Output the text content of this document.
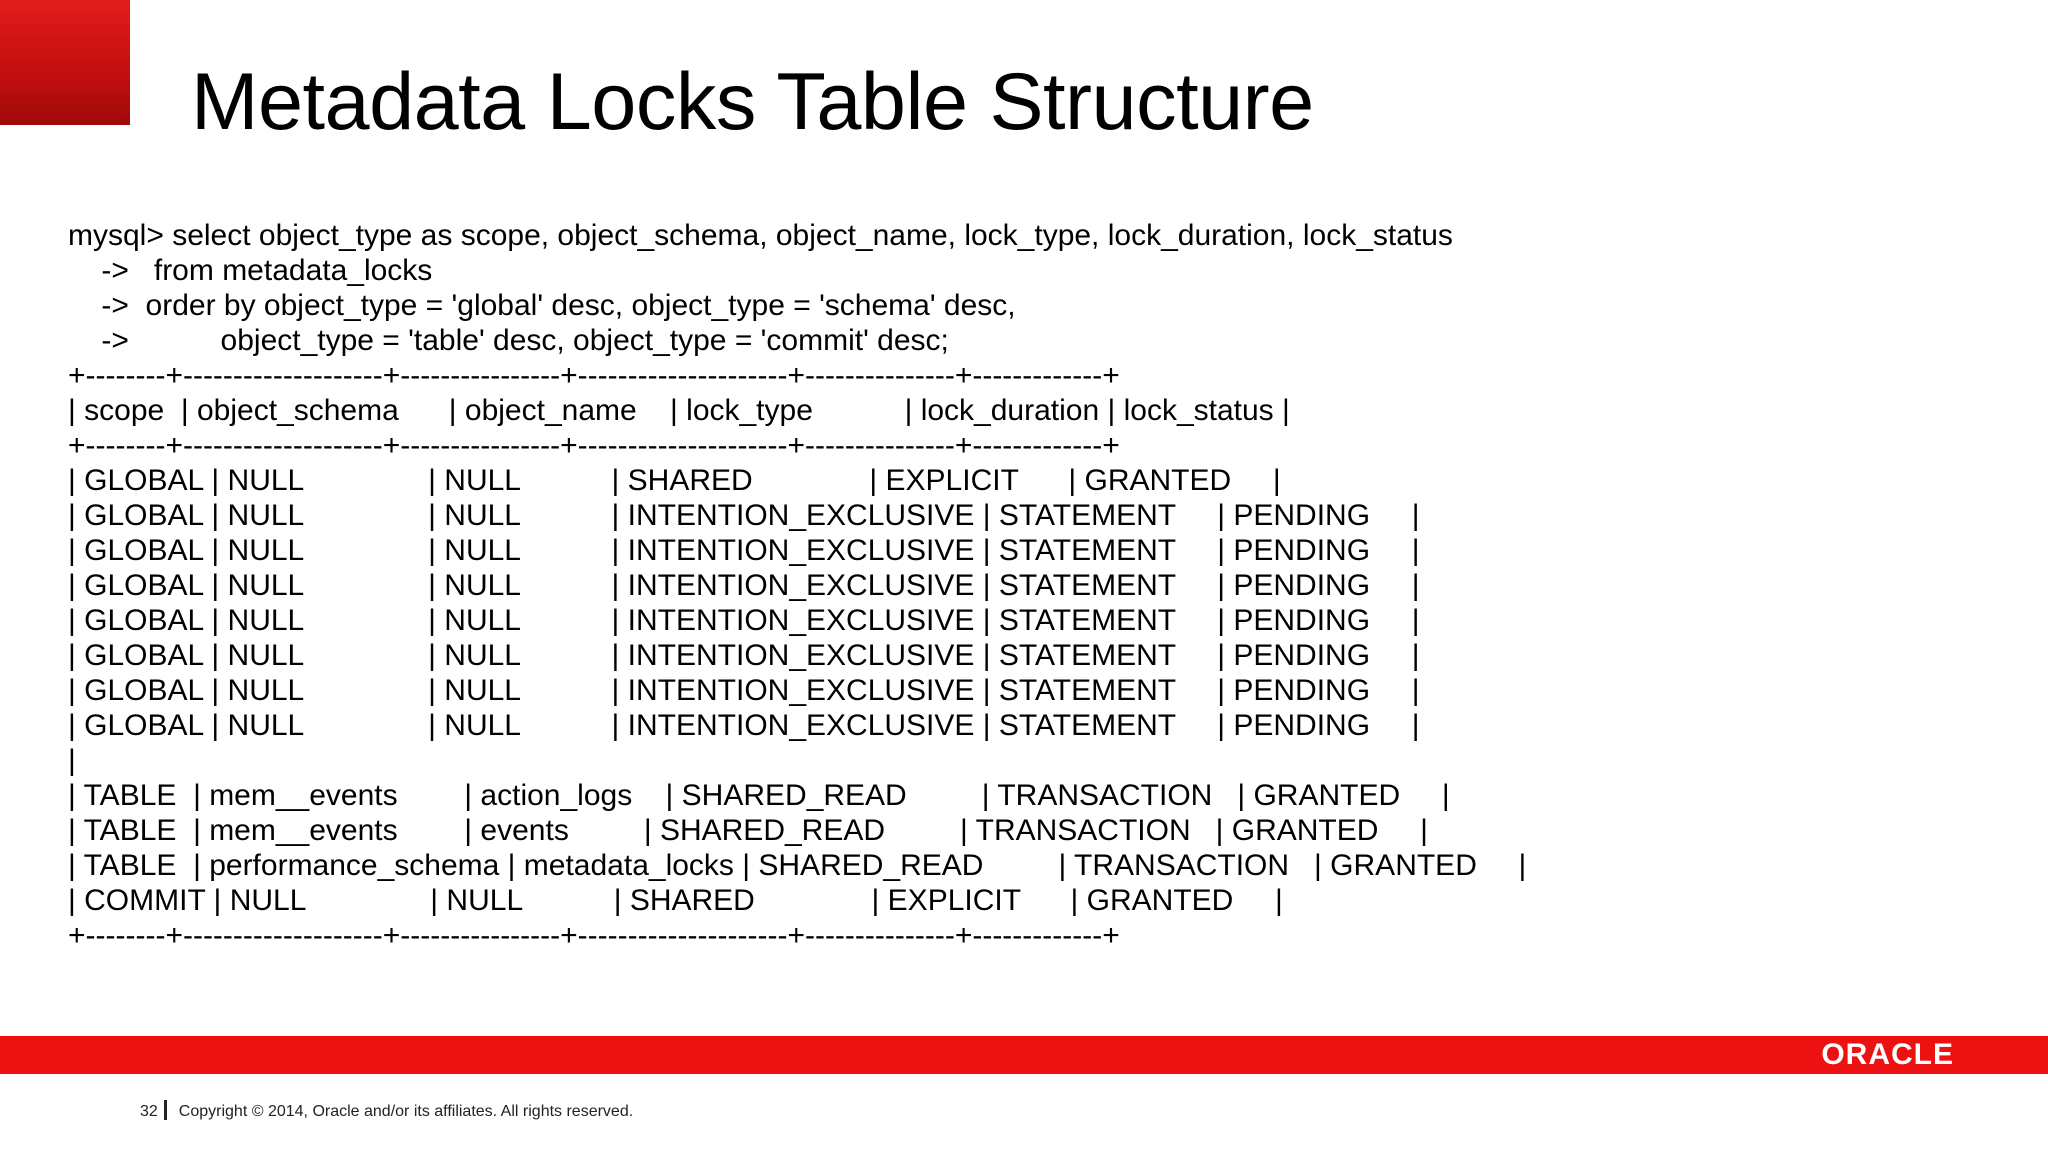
Metadata Locks Table Structure
mysql> select object_type as scope, object_schema, object_name, lock_type, lock_duration, lock_status
->   from metadata_locks
->  order by object_type = 'global' desc, object_type = 'schema' desc,
->           object_type = 'table' desc, object_type = 'commit' desc;
+--------+--------------------+----------------+---------------------+---------------+-------------+
| scope  | object_schema      | object_name    | lock_type           | lock_duration | lock_status |
+--------+--------------------+----------------+---------------------+---------------+-------------+
| GLOBAL | NULL               | NULL           | SHARED              | EXPLICIT      | GRANTED     |
| GLOBAL | NULL               | NULL           | INTENTION_EXCLUSIVE | STATEMENT     | PENDING     |
| GLOBAL | NULL               | NULL           | INTENTION_EXCLUSIVE | STATEMENT     | PENDING     |
| GLOBAL | NULL               | NULL           | INTENTION_EXCLUSIVE | STATEMENT     | PENDING     |
| GLOBAL | NULL               | NULL           | INTENTION_EXCLUSIVE | STATEMENT     | PENDING     |
| GLOBAL | NULL               | NULL           | INTENTION_EXCLUSIVE | STATEMENT     | PENDING     |
| GLOBAL | NULL               | NULL           | INTENTION_EXCLUSIVE | STATEMENT     | PENDING     |
| GLOBAL | NULL               | NULL           | INTENTION_EXCLUSIVE | STATEMENT     | PENDING     |
|
| TABLE  | mem__events        | action_logs    | SHARED_READ         | TRANSACTION   | GRANTED     |
| TABLE  | mem__events        | events         | SHARED_READ         | TRANSACTION   | GRANTED     |
| TABLE  | performance_schema | metadata_locks | SHARED_READ         | TRANSACTION   | GRANTED     |
| COMMIT | NULL               | NULL           | SHARED              | EXPLICIT      | GRANTED     |
+--------+--------------------+----------------+---------------------+---------------+-------------+
ORACLE
32 Copyright © 2014, Oracle and/or its affiliates. All rights reserved.
